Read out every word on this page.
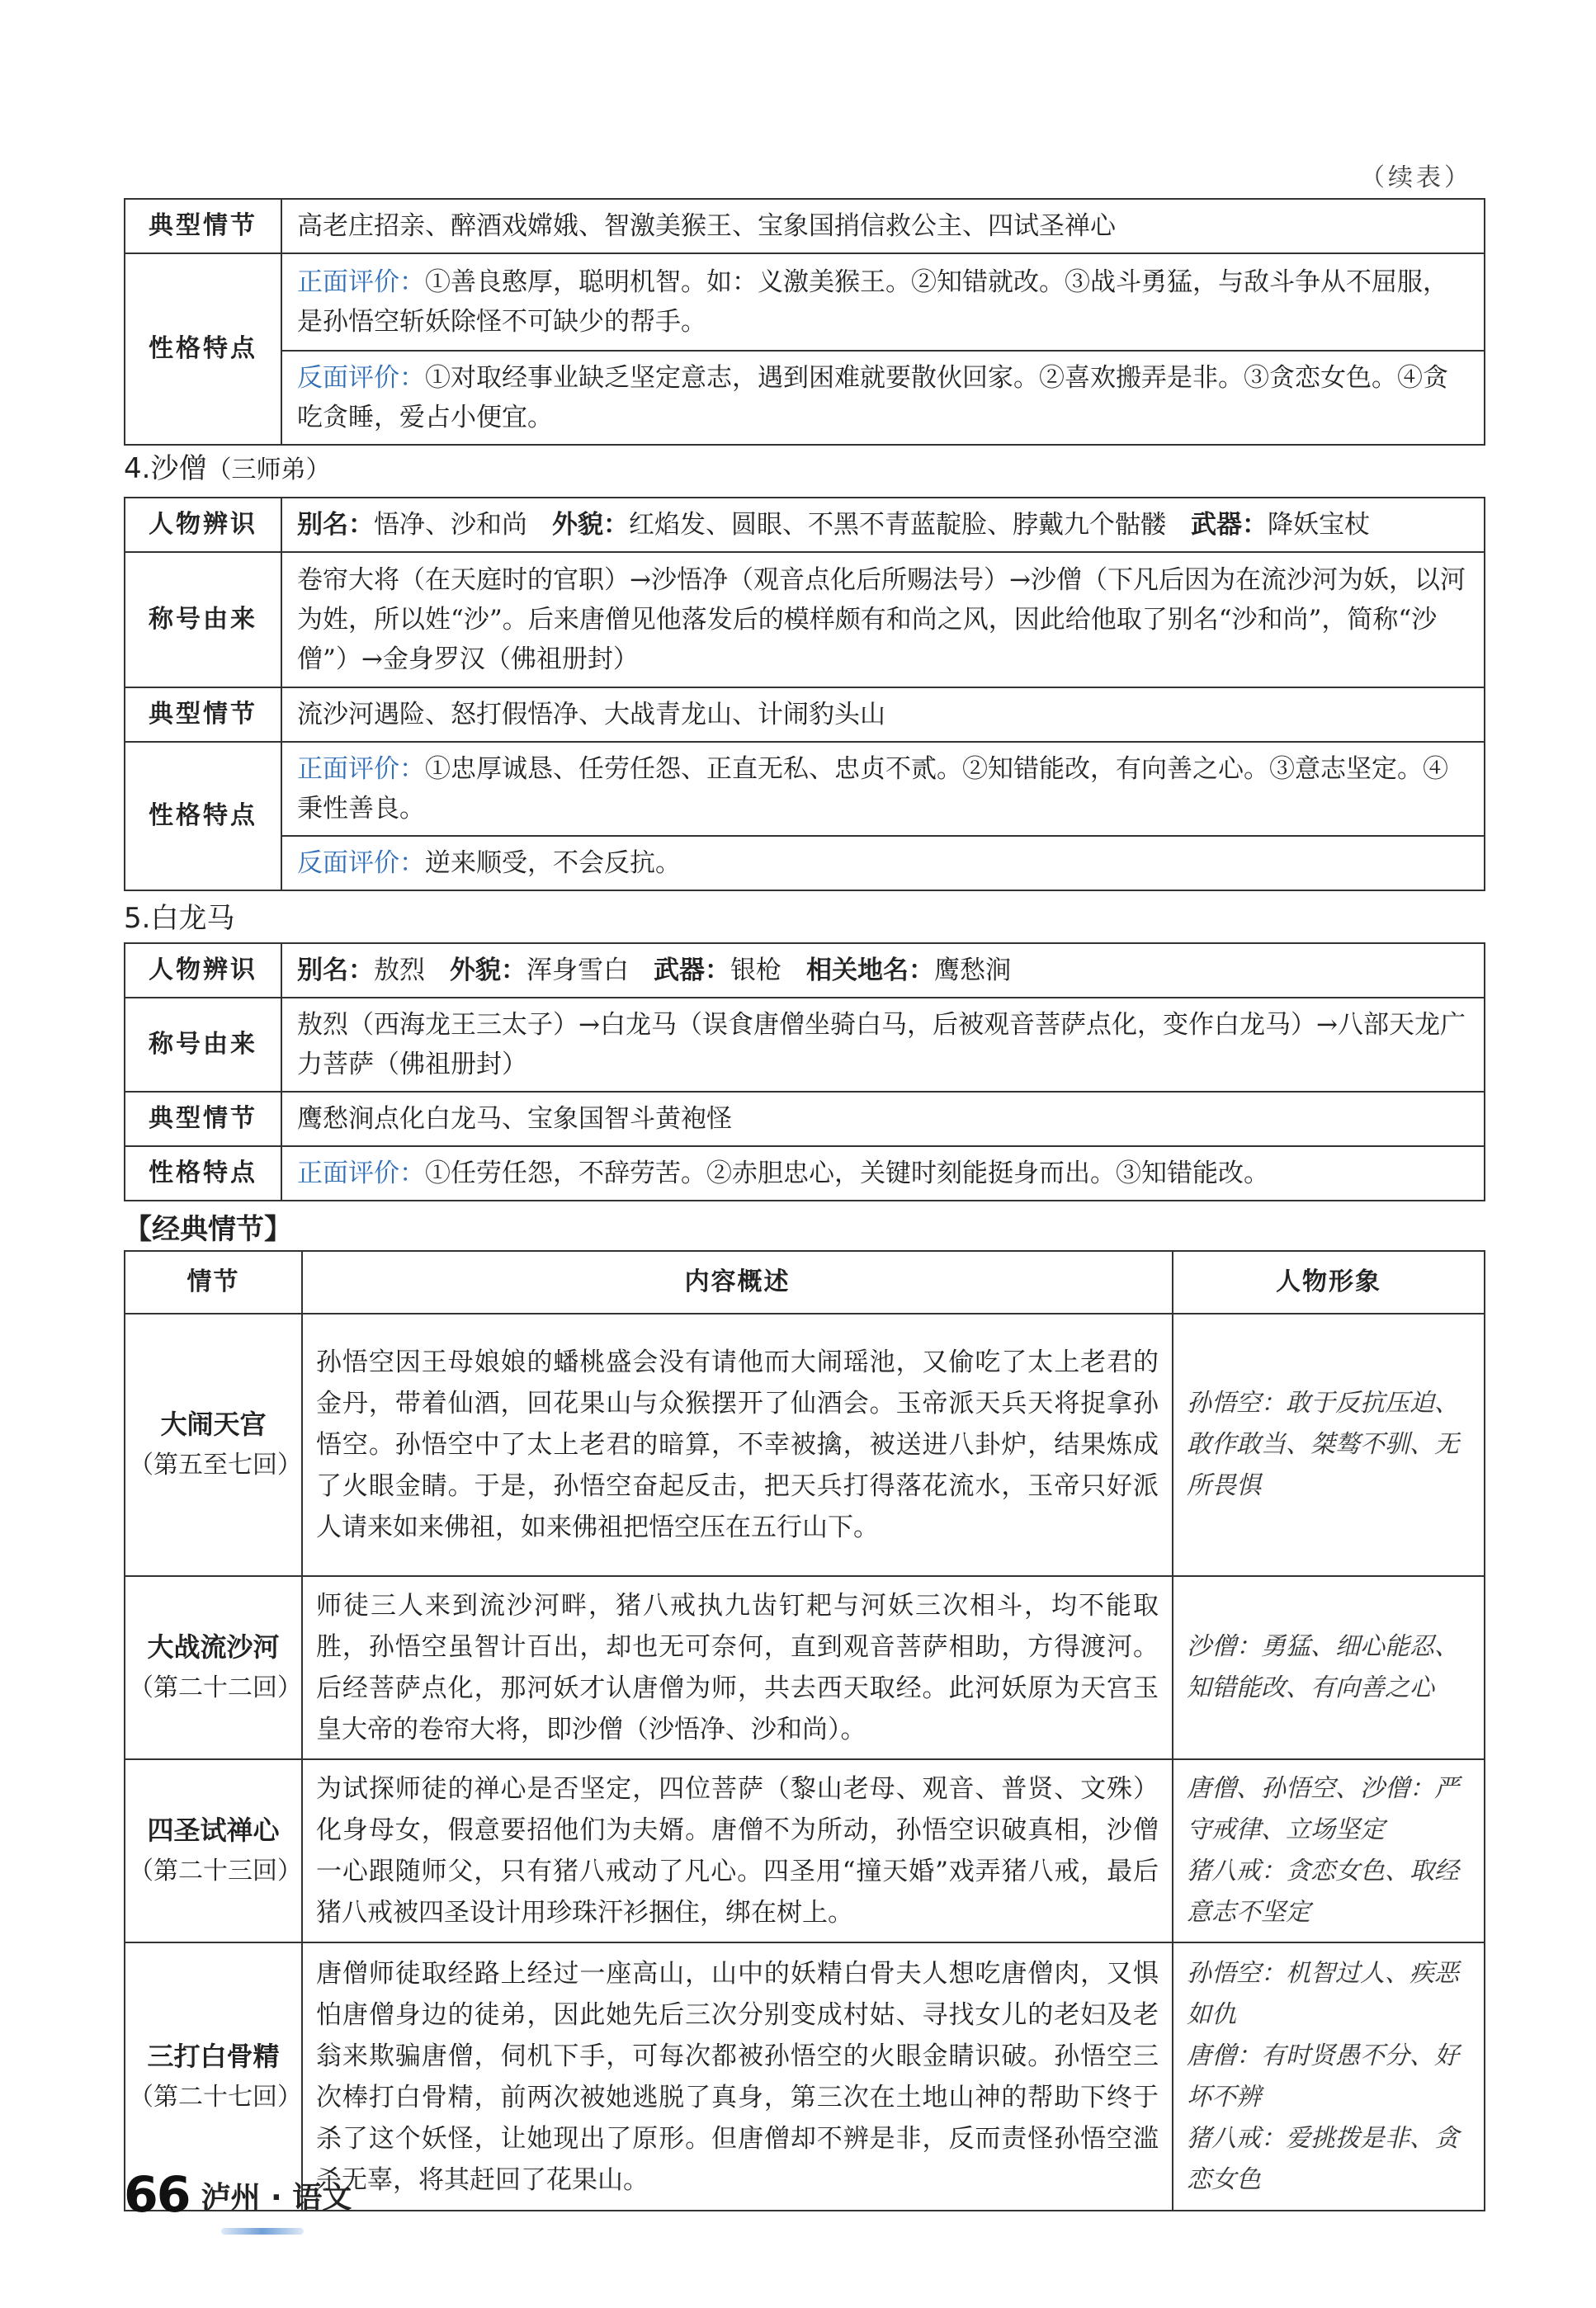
（续表）
典型情节	高老庄招亲、醉酒戏嫦娥、智激美猴王、宝象国捎信救公主、四试圣禅心
性格特点	正面评价：①善良憨厚，聪明机智。如：义激美猴王。②知错就改。③战斗勇猛，与敌斗争从不屈服，是孙悟空斩妖除怪不可缺少的帮手。
	反面评价：①对取经事业缺乏坚定意志，遇到困难就要散伙回家。②喜欢搬弄是非。③贪恋女色。④贪吃贪睡，爱占小便宜。
4.沙僧（三师弟）
人物辨识	别名：悟净、沙和尚 外貌：红焰发、圆眼、不黑不青蓝靛脸、脖戴九个骷髅 武器：降妖宝杖
称号由来	卷帘大将（在天庭时的官职）→沙悟净（观音点化后所赐法号）→沙僧（下凡后因为在流沙河为妖，以河为姓，所以姓“沙”。后来唐僧见他落发后的模样颇有和尚之风，因此给他取了别名“沙和尚”，简称“沙僧”）→金身罗汉（佛祖册封）
典型情节	流沙河遇险、怒打假悟净、大战青龙山、计闹豹头山
性格特点	正面评价：①忠厚诚恳、任劳任怨、正直无私、忠贞不贰。②知错能改，有向善之心。③意志坚定。④秉性善良。
	反面评价：逆来顺受，不会反抗。
5.白龙马
人物辨识	别名：敖烈 外貌：浑身雪白 武器：银枪 相关地名：鹰愁涧
称号由来	敖烈（西海龙王三太子）→白龙马（误食唐僧坐骑白马，后被观音菩萨点化，变作白龙马）→八部天龙广力菩萨（佛祖册封）
典型情节	鹰愁涧点化白龙马、宝象国智斗黄袍怪
性格特点	正面评价：①任劳任怨，不辞劳苦。②赤胆忠心，关键时刻能挺身而出。③知错能改。
【经典情节】
情节	内容概述	人物形象

大闹天宫
（第五至七回）	孙悟空因王母娘娘的蟠桃盛会没有请他而大闹瑶池，又偷吃了太上老君的金丹，带着仙酒，回花果山与众猴摆开了仙酒会。玉帝派天兵天将捉拿孙悟空。孙悟空中了太上老君的暗算，不幸被擒，被送进八卦炉，结果炼成了火眼金睛。于是，孙悟空奋起反击，把天兵打得落花流水，玉帝只好派人请来如来佛祖，如来佛祖把悟空压在五行山下。	孙悟空：敢于反抗压迫、敢作敢当、桀骜不驯、无所畏惧

大战流沙河
（第二十二回）	师徒三人来到流沙河畔，猪八戒执九齿钉耙与河妖三次相斗，均不能取胜，孙悟空虽智计百出，却也无可奈何，直到观音菩萨相助，方得渡河。后经菩萨点化，那河妖才认唐僧为师，共去西天取经。此河妖原为天宫玉皇大帝的卷帘大将，即沙僧（沙悟净、沙和尚）。	沙僧：勇猛、细心能忍、知错能改、有向善之心

四圣试禅心
（第二十三回）	为试探师徒的禅心是否坚定，四位菩萨（黎山老母、观音、普贤、文殊）化身母女，假意要招他们为夫婿。唐僧不为所动，孙悟空识破真相，沙僧一心跟随师父，只有猪八戒动了凡心。四圣用“撞天婚”戏弄猪八戒，最后猪八戒被四圣设计用珍珠汗衫捆住，绑在树上。	唐僧、孙悟空、沙僧：严守戒律、立场坚定
猪八戒：贪恋女色、取经意志不坚定

三打白骨精
（第二十七回）	唐僧师徒取经路上经过一座高山，山中的妖精白骨夫人想吃唐僧肉，又惧怕唐僧身边的徒弟，因此她先后三次分别变成村姑、寻找女儿的老妇及老翁来欺骗唐僧，伺机下手，可每次都被孙悟空的火眼金睛识破。孙悟空三次棒打白骨精，前两次被她逃脱了真身，第三次在土地山神的帮助下终于杀了这个妖怪，让她现出了原形。但唐僧却不辨是非，反而责怪孙悟空滥杀无辜，将其赶回了花果山。	孙悟空：机智过人、疾恶如仇
唐僧：有时贤愚不分、好坏不辨
猪八戒：爱挑拨是非、贪恋女色
66 泸州 · 语文
